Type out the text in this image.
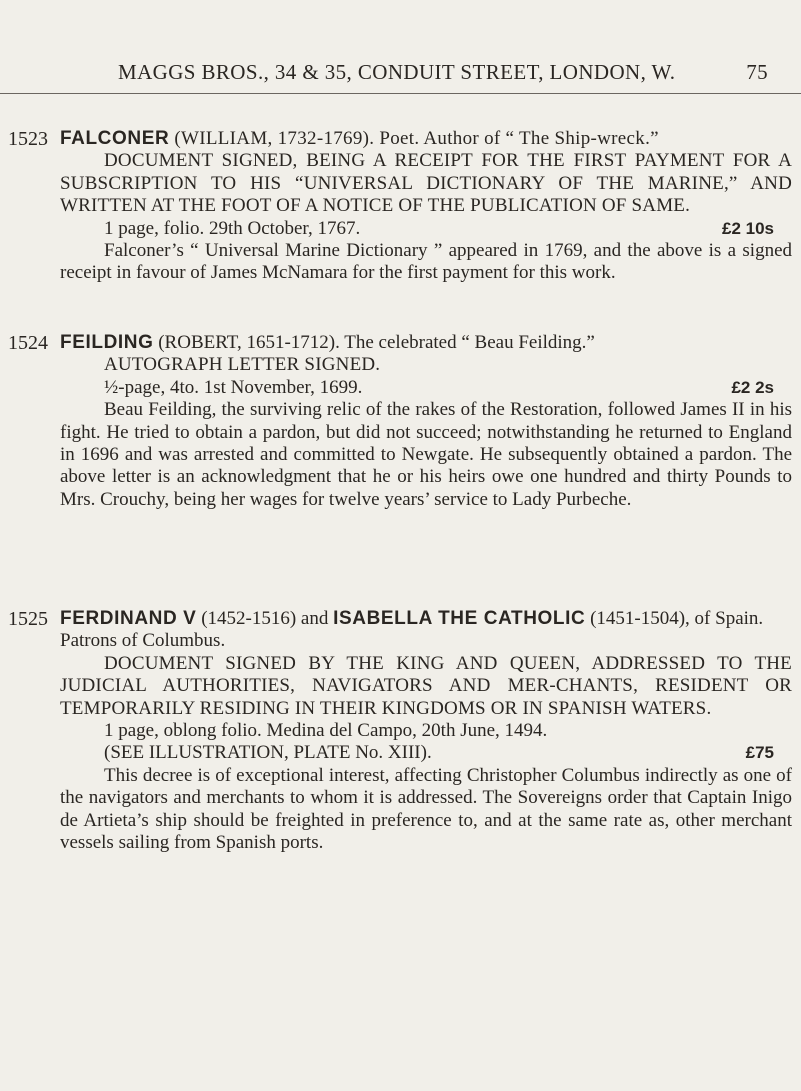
MAGGS BROS., 34 & 35, CONDUIT STREET, LONDON, W.	75
1523 FALCONER (WILLIAM, 1732-1769). Poet. Author of “ The Ship-wreck.”

DOCUMENT SIGNED, BEING A RECEIPT FOR THE FIRST PAYMENT FOR A SUBSCRIPTION TO HIS “UNIVERSAL DICTIONARY OF THE MARINE,” AND WRITTEN AT THE FOOT OF A NOTICE OF THE PUBLICATION OF SAME.

1 page, folio. 29th October, 1767.	£2 10s

Falconer’s “ Universal Marine Dictionary ” appeared in 1769, and the above is a signed receipt in favour of James McNamara for the first payment for this work.

1524 FEILDING (ROBERT, 1651-1712). The celebrated “ Beau Feilding.”

AUTOGRAPH LETTER SIGNED.

½-page, 4to. 1st November, 1699.	£2 2s

Beau Feilding, the surviving relic of the rakes of the Restoration, followed James II in his fight. He tried to obtain a pardon, but did not succeed; notwithstanding he returned to England in 1696 and was arrested and committed to Newgate. He subsequently obtained a pardon. The above letter is an acknowledgment that he or his heirs owe one hundred and thirty Pounds to Mrs. Crouchy, being her wages for twelve years’ service to Lady Purbeche.

1525 FERDINAND V (1452-1516) and ISABELLA THE CATHOLIC (1451-1504), of Spain. Patrons of Columbus.

DOCUMENT SIGNED BY THE KING AND QUEEN, ADDRESSED TO THE JUDICIAL AUTHORITIES, NAVIGATORS AND MER-CHANTS, RESIDENT OR TEMPORARILY RESIDING IN THEIR KINGDOMS OR IN SPANISH WATERS.

1 page, oblong folio. Medina del Campo, 20th June, 1494.

(SEE ILLUSTRATION, PLATE No. XIII).	£75

This decree is of exceptional interest, affecting Christopher Columbus indirectly as one of the navigators and merchants to whom it is addressed. The Sovereigns order that Captain Inigo de Artieta’s ship should be freighted in preference to, and at the same rate as, other merchant vessels sailing from Spanish ports.
